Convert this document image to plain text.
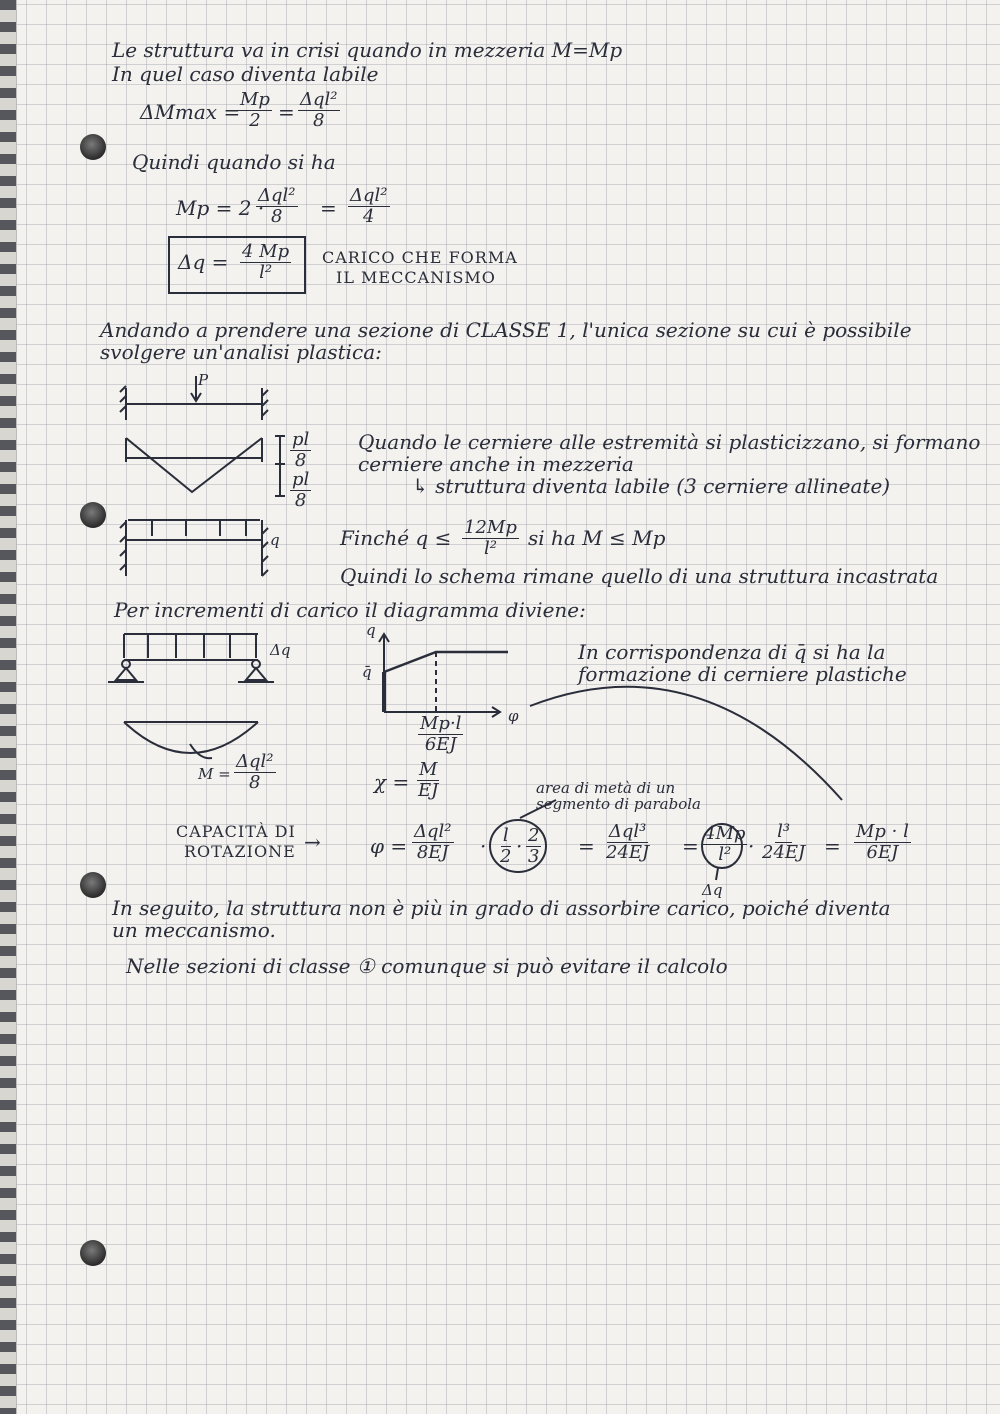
Le struttura va in crisi quando in mezzeria M=Mp
In quel caso diventa labile
ΔMmax =
$\frac{Mp}{2}$ =
Δql²
8
Quindi quando si ha
Mp = 2 ·
Δql²
8 =
Δql²
4
$\Delta q = \frac{4 Mp}{\text{l²}}$ CARICO CHE FORMA
IL MECCANISMO
Andando a prendere una sezione di CLASSE 1, l'unica sezione su cui è possibile
svolgere un'analisi plastica:
P
$\frac{pl}{8}$
$\frac{pl}{8}$
q
Quando le cerniere alle estremità si plasticizzano, si formano
cerniere anche in mezzeria
↳ struttura diventa labile (3 cerniere allineate)
Finché $q \le \frac{12Mp}{\text{l²}}$ si ha M ≤ Mp
Quindi lo schema rimane quello di una struttura incastrata
Per incrementi di carico il diagramma diviene:
Δq
M =
Δql²
8
q
q̄
φ
$\frac{Mp\cdot l}{6EJ}$
In corrispondenza di q̄ si ha la
formazione di cerniere plastiche
$\chi = \frac{M}{EJ}$	area di metà di un
segmento di parabola
CAPACITÀ DI
ROTAZIONE → φ =
Δql²
$8EJ \cdot \frac{l}{2} \cdot \frac{2}{3}$ =
Δql³
$24EJ = \frac{4Mp}{\text{l²}} \cdot \frac{\text{l³}}{24EJ} = \frac{Mp \cdot l}{6EJ}$
Δq
In seguito, la struttura non è più in grado di assorbire carico, poiché diventa
un meccanismo.
Nelle sezioni di classe ① comunque si può evitare il calcolo
